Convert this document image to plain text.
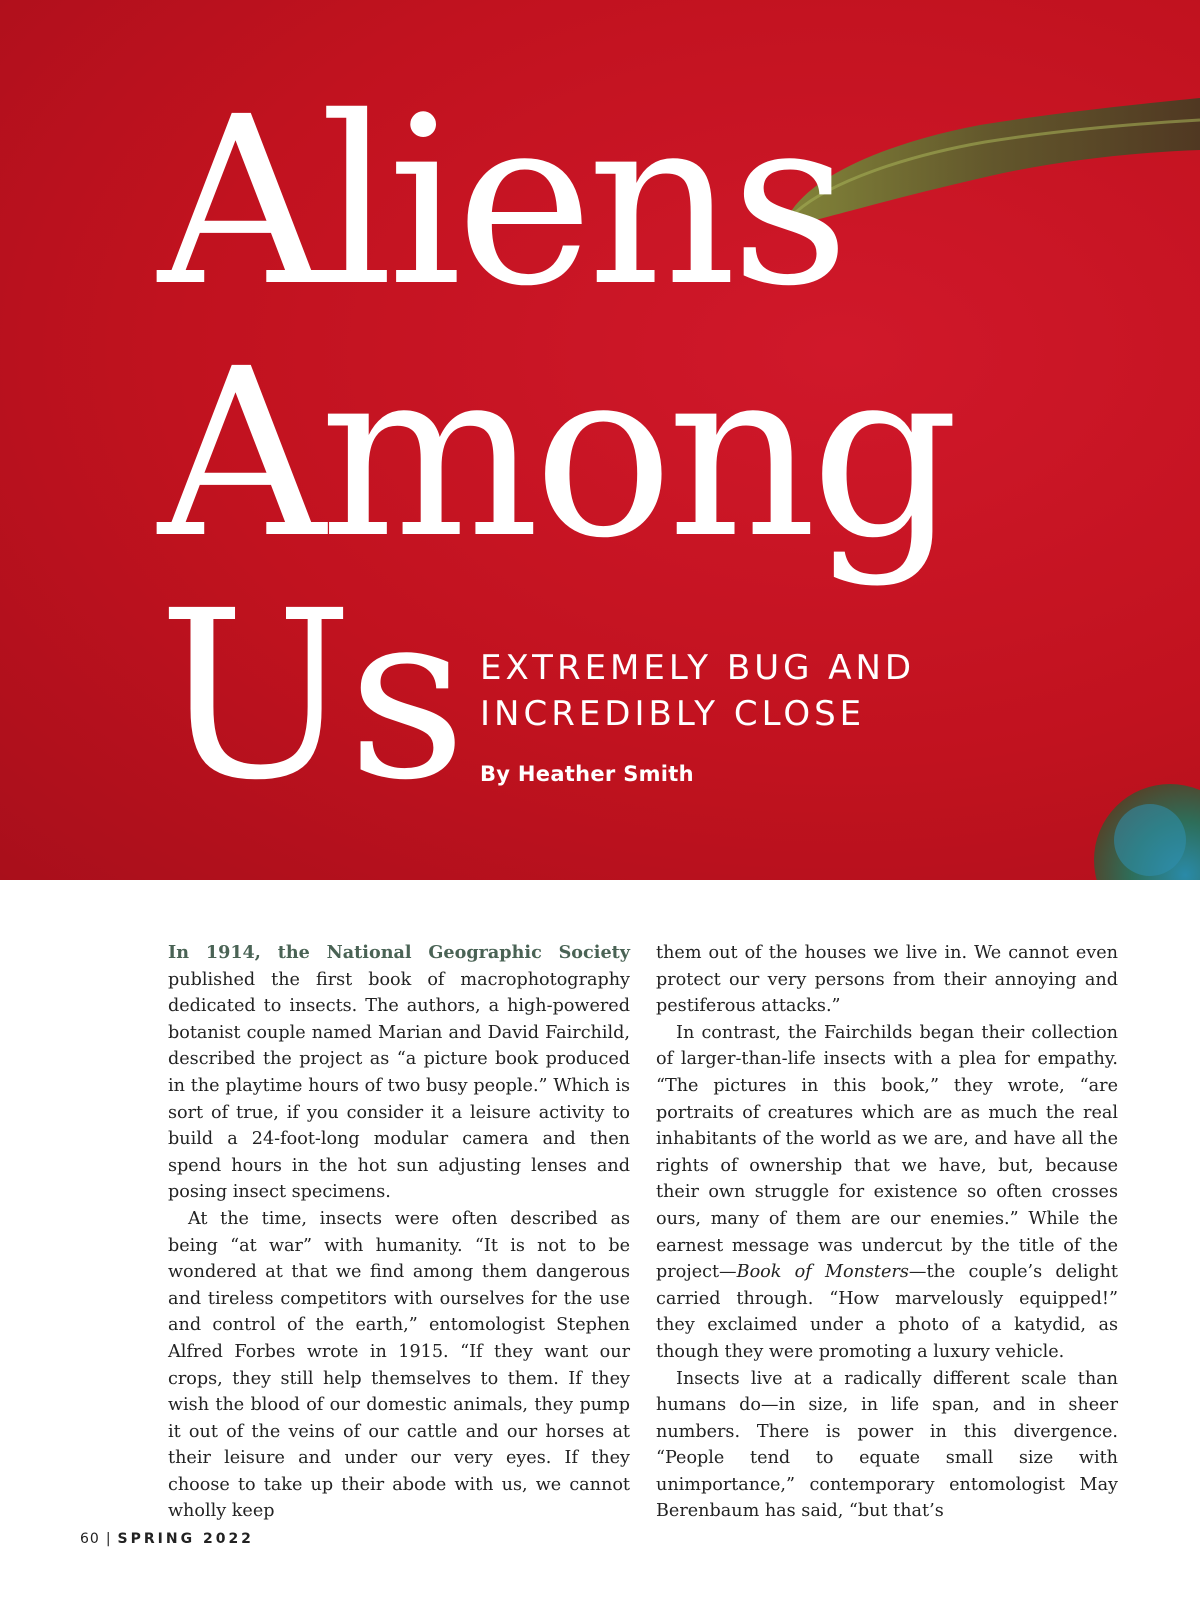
Aliens
Among
Us EXTREMELY BUG AND
INCREDIBLY CLOSE
By Heather Smith

In 1914, the National Geographic Society published the first book of macrophotography dedicated to insects. The authors, a high-powered botanist couple named Marian and David Fairchild, described the project as “a picture book produced in the playtime hours of two busy people.” Which is sort of true, if you consider it a leisure activity to build a 24-foot-long modular camera and then spend hours in the hot sun adjusting lenses and posing insect specimens.

At the time, insects were often described as being “at war” with humanity. “It is not to be wondered at that we find among them dangerous and tireless competitors with ourselves for the use and control of the earth,” entomologist Stephen Alfred Forbes wrote in 1915. “If they want our crops, they still help themselves to them. If they wish the blood of our domestic animals, they pump it out of the veins of our cattle and our horses at their leisure and under our very eyes. If they choose to take up their abode with us, we cannot wholly keep

them out of the houses we live in. We cannot even protect our very persons from their annoying and pestiferous attacks.”

In contrast, the Fairchilds began their collection of larger-than-life insects with a plea for empathy. “The pictures in this book,” they wrote, “are portraits of creatures which are as much the real inhabitants of the world as we are, and have all the rights of ownership that we have, but, because their own struggle for existence so often crosses ours, many of them are our enemies.” While the earnest message was undercut by the title of the project—Book of Monsters—the couple’s delight carried through. “How marvelously equipped!” they exclaimed under a photo of a katydid, as though they were promoting a luxury vehicle.

Insects live at a radically different scale than humans do—in size, in life span, and in sheer numbers. There is power in this divergence. “People tend to equate small size with unimportance,” contemporary entomologist May Berenbaum has said, “but that’s

60 | SPRING 2022
